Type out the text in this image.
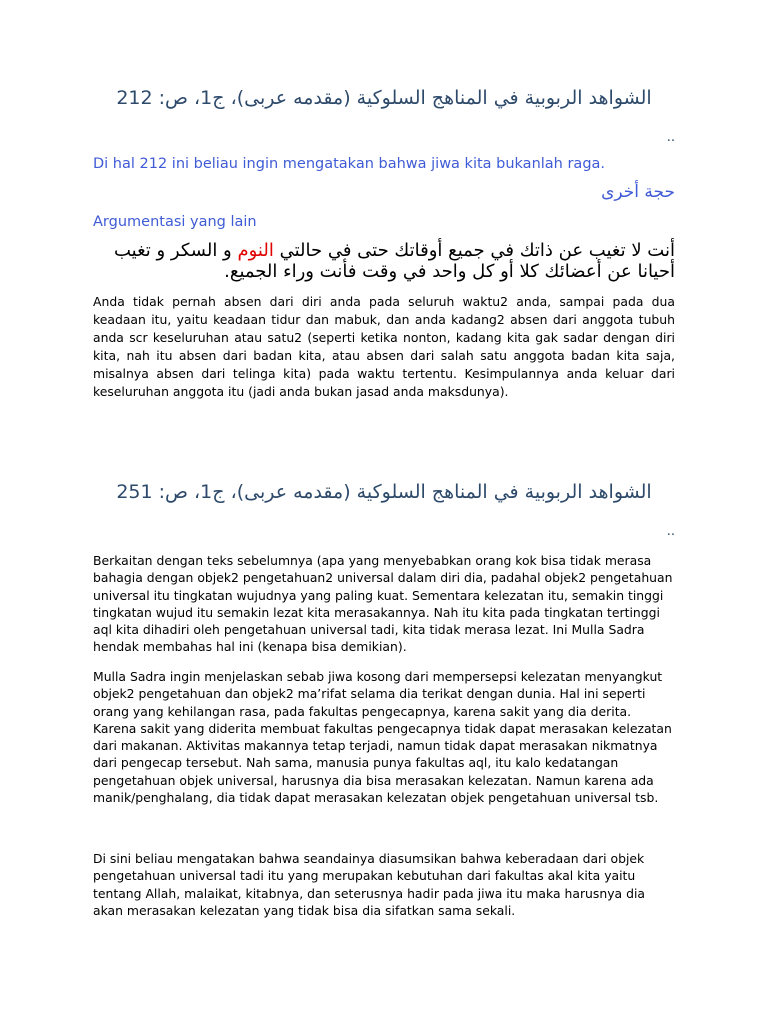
الشواهد الربوبية في المناهج السلوكية (مقدمه عربى)، ج1، ص: 212

..

Di hal 212 ini beliau ingin mengatakan bahwa jiwa kita bukanlah raga.

حجة أخرى

Argumentasi yang lain

أنت لا تغيب عن ذاتك في جميع أوقاتك حتى في حالتي النوم و السكر و تغيب أحيانا عن أعضائك كلا أو كل واحد في وقت فأنت وراء الجميع.

Anda tidak pernah absen dari diri anda pada seluruh waktu2 anda, sampai pada dua keadaan itu, yaitu keadaan tidur dan mabuk, dan anda kadang2 absen dari anggota tubuh anda scr keseluruhan atau satu2 (seperti ketika nonton, kadang kita gak sadar dengan diri kita, nah itu absen dari badan kita, atau absen dari salah satu anggota badan kita saja, misalnya absen dari telinga kita) pada waktu tertentu. Kesimpulannya anda keluar dari keseluruhan anggota itu (jadi anda bukan jasad anda maksdunya).

الشواهد الربوبية في المناهج السلوكية (مقدمه عربى)، ج1، ص: 251

..

Berkaitan dengan teks sebelumnya (apa yang menyebabkan orang kok bisa tidak merasa bahagia dengan objek2 pengetahuan2 universal dalam diri dia, padahal objek2 pengetahuan universal itu tingkatan wujudnya yang paling kuat. Sementara kelezatan itu, semakin tinggi tingkatan wujud itu semakin lezat kita merasakannya. Nah itu kita pada tingkatan tertinggi aql kita dihadiri oleh pengetahuan universal tadi, kita tidak merasa lezat. Ini Mulla Sadra hendak membahas hal ini (kenapa bisa demikian).

Mulla Sadra ingin menjelaskan sebab jiwa kosong dari mempersepsi kelezatan menyangkut objek2 pengetahuan dan objek2 ma’rifat selama dia terikat dengan dunia. Hal ini seperti orang yang kehilangan rasa, pada fakultas pengecapnya, karena sakit yang dia derita. Karena sakit yang diderita membuat fakultas pengecapnya tidak dapat merasakan kelezatan dari makanan. Aktivitas makannya tetap terjadi, namun tidak dapat merasakan nikmatnya dari pengecap tersebut. Nah sama, manusia punya fakultas aql, itu kalo kedatangan pengetahuan objek universal, harusnya dia bisa merasakan kelezatan. Namun karena ada manik/penghalang, dia tidak dapat merasakan kelezatan objek pengetahuan universal tsb.

Di sini beliau mengatakan bahwa seandainya diasumsikan bahwa keberadaan dari objek pengetahuan universal tadi itu yang merupakan kebutuhan dari fakultas akal kita yaitu tentang Allah, malaikat, kitabnya, dan seterusnya hadir pada jiwa itu maka harusnya dia akan merasakan kelezatan yang tidak bisa dia sifatkan sama sekali.
